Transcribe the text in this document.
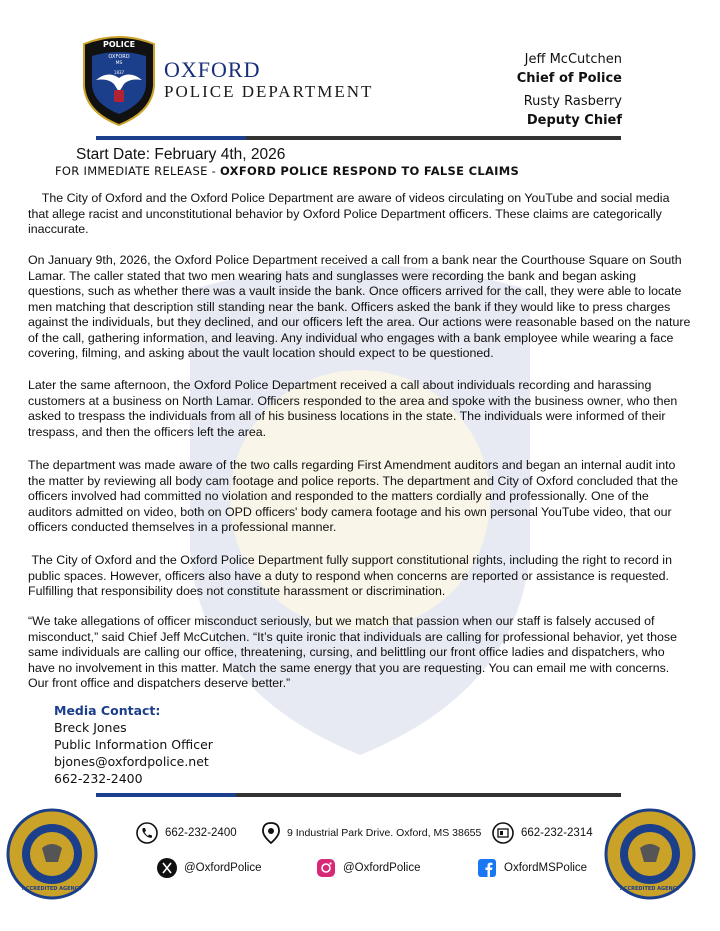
POLICE
OXFORD
MS
1837 OXFORD
POLICE DEPARTMENT
Jeff McCutchen
Chief of Police
Rusty Rasberry
Deputy Chief
Start Date: February 4th, 2026
FOR IMMEDIATE RELEASE - OXFORD POLICE RESPOND TO FALSE CLAIMS

The City of Oxford and the Oxford Police Department are aware of videos circulating on YouTube and social media that allege racist and unconstitutional behavior by Oxford Police Department officers. These claims are categorically inaccurate.

On January 9th, 2026, the Oxford Police Department received a call from a bank near the Courthouse Square on South Lamar. The caller stated that two men wearing hats and sunglasses were recording the bank and began asking questions, such as whether there was a vault inside the bank. Once officers arrived for the call, they were able to locate men matching that description still standing near the bank. Officers asked the bank if they would like to press charges against the individuals, but they declined, and our officers left the area. Our actions were reasonable based on the nature of the call, gathering information, and leaving. Any individual who engages with a bank employee while wearing a face covering, filming, and asking about the vault location should expect to be questioned.

Later the same afternoon, the Oxford Police Department received a call about individuals recording and harassing customers at a business on North Lamar. Officers responded to the area and spoke with the business owner, who then asked to trespass the individuals from all of his business locations in the state. The individuals were informed of their trespass, and then the officers left the area.

The department was made aware of the two calls regarding First Amendment auditors and began an internal audit into the matter by reviewing all body cam footage and police reports. The department and City of Oxford concluded that the officers involved had committed no violation and responded to the matters cordially and professionally. One of the auditors admitted on video, both on OPD officers' body camera footage and his own personal YouTube video, that our officers conducted themselves in a professional manner.

The City of Oxford and the Oxford Police Department fully support constitutional rights, including the right to record in public spaces. However, officers also have a duty to respond when concerns are reported or assistance is requested. Fulfilling that responsibility does not constitute harassment or discrimination.

“We take allegations of officer misconduct seriously, but we match that passion when our staff is falsely accused of misconduct,” said Chief Jeff McCutchen. “It’s quite ironic that individuals are calling for professional behavior, yet those same individuals are calling our office, threatening, cursing, and belittling our front office ladies and dispatchers, who have no involvement in this matter. Match the same energy that you are requesting. You can email me with concerns. Our front office and dispatchers deserve better.”

Media Contact:
Breck Jones
Public Information Officer
bjones@oxfordpolice.net
662-232-2400
ACCREDITED AGENCY	ACCREDITED AGENCY
662-232-2400	9 Industrial Park Drive. Oxford, MS 38655	662-232-2314
@OxfordPolice	@OxfordPolice	OxfordMSPolice
